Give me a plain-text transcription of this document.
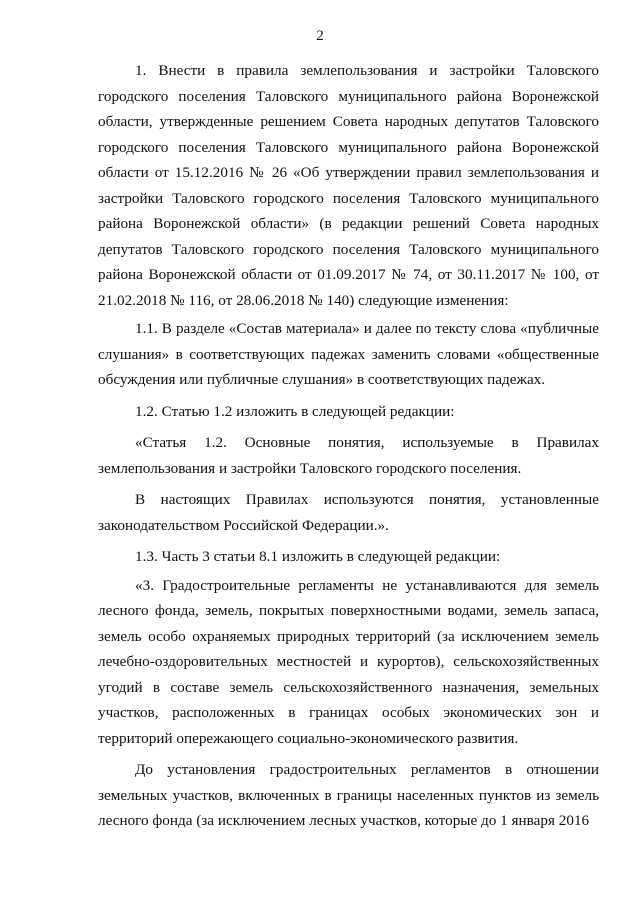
2

1. Внести в правила землепользования и застройки Таловского городского поселения Таловского муниципального района Воронежской области, утвержденные решением Совета народных депутатов Таловского городского поселения Таловского муниципального района Воронежской области от 15.12.2016 № 26 «Об утверждении правил землепользования и застройки Таловского городского поселения Таловского муниципального района Воронежской области» (в редакции решений Совета народных депутатов Таловского городского поселения Таловского муниципального района Воронежской области от 01.09.2017 № 74, от 30.11.2017 № 100, от 21.02.2018 № 116, от 28.06.2018 № 140) следующие изменения:

1.1. В разделе «Состав материала» и далее по тексту слова «публичные слушания» в соответствующих падежах заменить словами «общественные обсуждения или публичные слушания» в соответствующих падежах.

1.2. Статью 1.2 изложить в следующей редакции:

«Статья 1.2. Основные понятия, используемые в Правилах землепользования и застройки Таловского городского поселения.

В настоящих Правилах используются понятия, установленные законодательством Российской Федерации.».

1.3. Часть 3 статьи 8.1 изложить в следующей редакции:

«3. Градостроительные регламенты не устанавливаются для земель лесного фонда, земель, покрытых поверхностными водами, земель запаса, земель особо охраняемых природных территорий (за исключением земель лечебно-оздоровительных местностей и курортов), сельскохозяйственных угодий в составе земель сельскохозяйственного назначения, земельных участков, расположенных в границах особых экономических зон и территорий опережающего социально-экономического развития.

До установления градостроительных регламентов в отношении земельных участков, включенных в границы населенных пунктов из земель лесного фонда (за исключением лесных участков, которые до 1 января 2016
